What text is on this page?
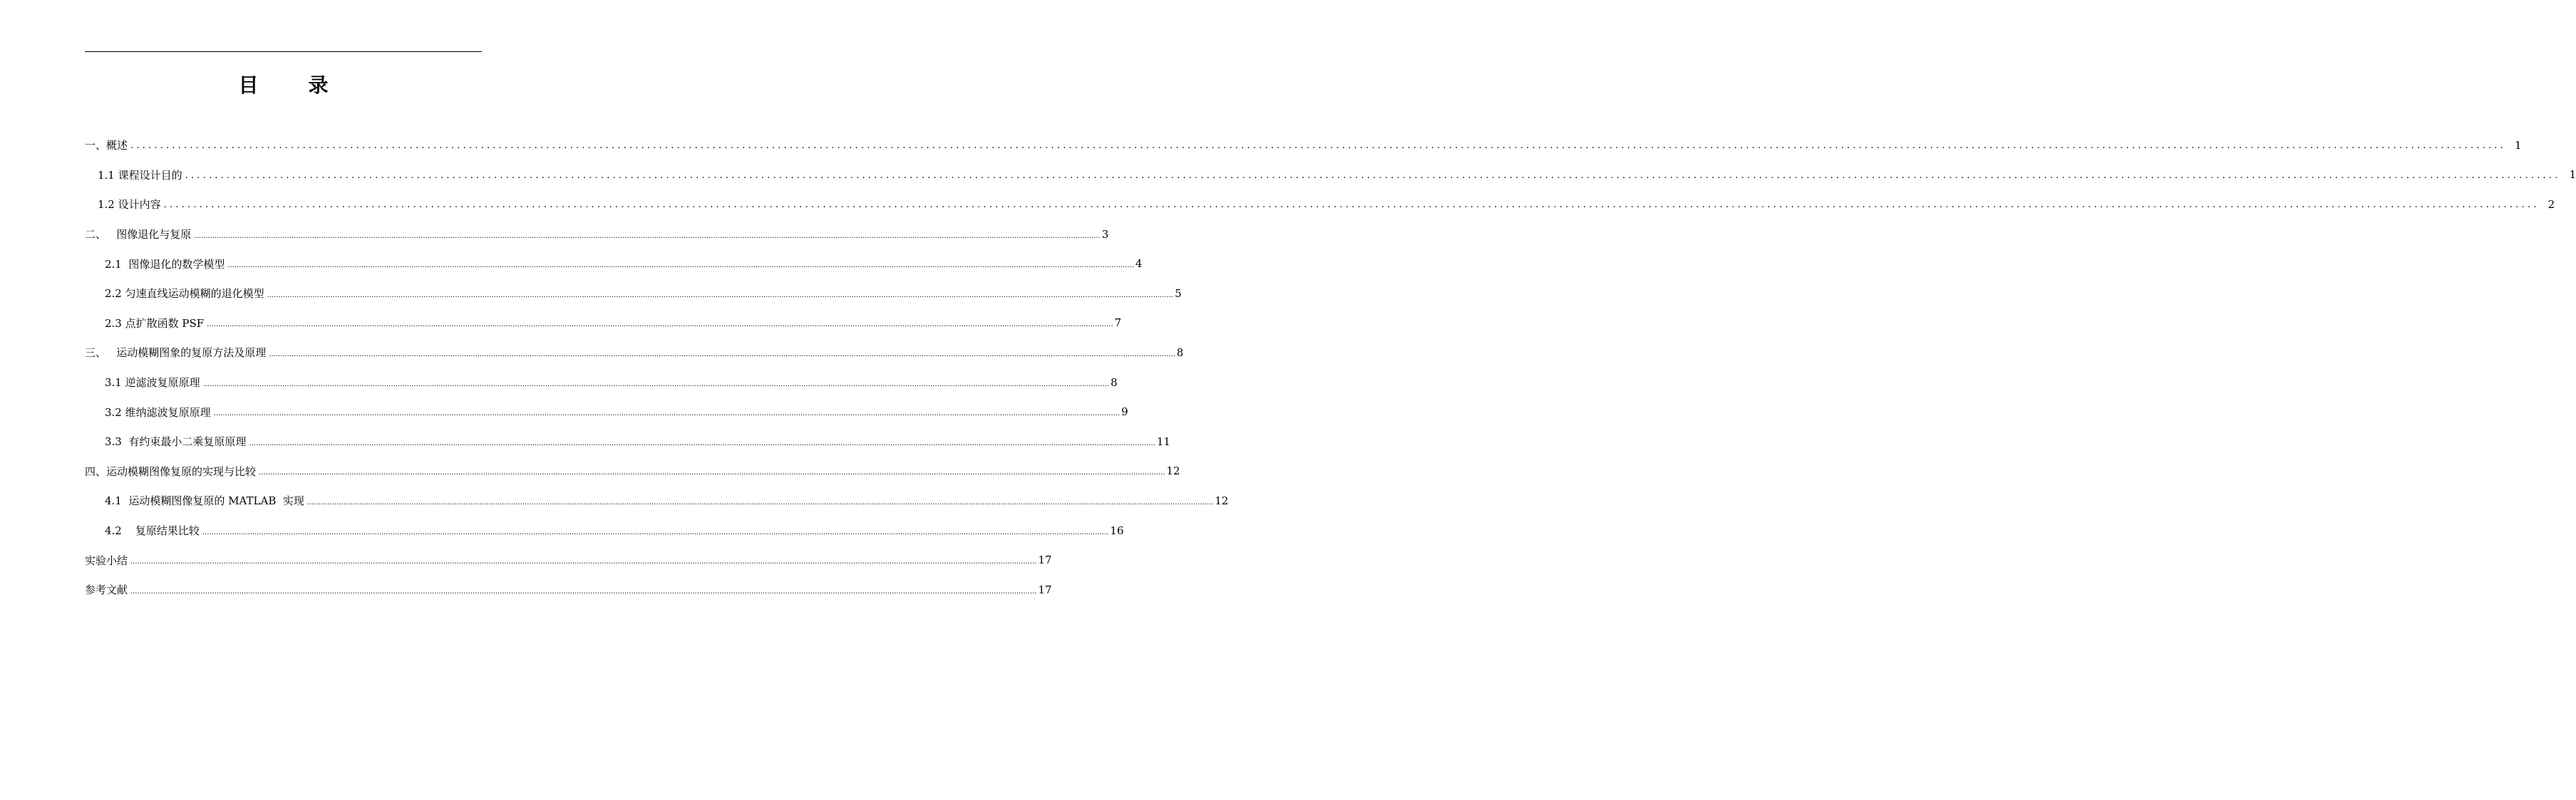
目	录
一、概述 ................................................................................................................................................................................................................................................................................................................................................................................................................ 1
1.1 课程设计目的 ................................................................................................................................................................................................................................................................................................................................................................................................................ 1
1.2 设计内容 ................................................................................................................................................................................................................................................................................................................................................................................................................ 2
二、   图像退化与复原 ................................................................................................................................................................................................................................................................................................................................................................................................................ 3
2.1  图像退化的数学模型 ................................................................................................................................................................................................................................................................................................................................................................................................................ 4
2.2 匀速直线运动模糊的退化模型 ................................................................................................................................................................................................................................................................................................................................................................................................................ 5
2.3 点扩散函数 PSF ................................................................................................................................................................................................................................................................................................................................................................................................................ 7
三、   运动模糊图象的复原方法及原理 ................................................................................................................................................................................................................................................................................................................................................................................................................ 8
3.1 逆滤波复原原理 ................................................................................................................................................................................................................................................................................................................................................................................................................ 8
3.2 维纳滤波复原原理 ................................................................................................................................................................................................................................................................................................................................................................................................................ 9
3.3  有约束最小二乘复原原理 ................................................................................................................................................................................................................................................................................................................................................................................................................ 11
四、运动模糊图像复原的实现与比较 ................................................................................................................................................................................................................................................................................................................................................................................................................ 12
4.1  运动模糊图像复原的 MATLAB  实现 ................................................................................................................................................................................................................................................................................................................................................................................................................ 12
4.2    复原结果比较 ................................................................................................................................................................................................................................................................................................................................................................................................................ 16
实验小结 ................................................................................................................................................................................................................................................................................................................................................................................................................ 17
参考文献 ................................................................................................................................................................................................................................................................................................................................................................................................................ 17
